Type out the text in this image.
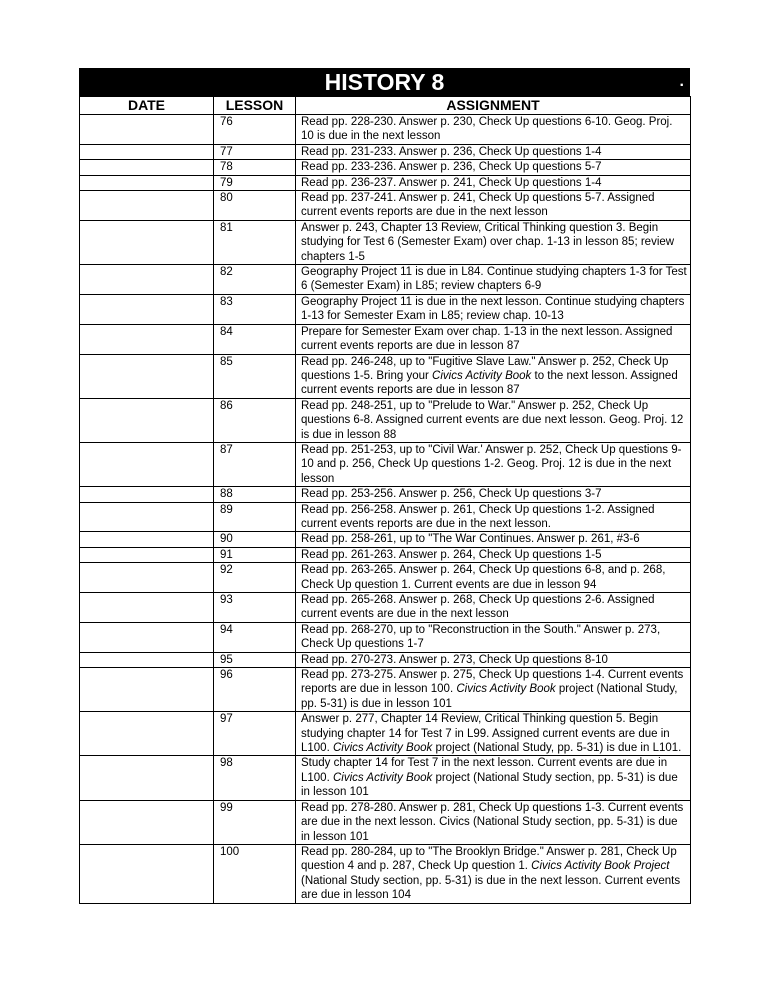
HISTORY 8	.
DATE	LESSON	ASSIGNMENT
	76	Read pp. 228-230. Answer p. 230, Check Up questions 6-10. Geog. Proj. 10 is due in the next lesson
	77	Read pp. 231-233. Answer p. 236, Check Up questions 1-4
	78	Read pp. 233-236. Answer p. 236, Check Up questions 5-7
	79	Read pp. 236-237. Answer p. 241, Check Up questions 1-4
	80	Read pp. 237-241. Answer p. 241, Check Up questions 5-7. Assigned current events reports are due in the next lesson
	81	Answer p. 243, Chapter 13 Review, Critical Thinking question 3. Begin studying for Test 6 (Semester Exam) over chap. 1-13 in lesson 85; review chapters 1-5
	82	Geography Project 11 is due in L84. Continue studying chapters 1-3 for Test 6 (Semester Exam) in L85; review chapters 6-9
	83	Geography Project 11 is due in the next lesson. Continue studying chapters 1-13 for Semester Exam in L85; review chap. 10-13
	84	Prepare for Semester Exam over chap. 1-13 in the next lesson. Assigned current events reports are due in lesson 87
	85	Read pp. 246-248, up to "Fugitive Slave Law." Answer p. 252, Check Up questions 1-5. Bring your Civics Activity Book to the next lesson. Assigned current events reports are due in lesson 87
	86	Read pp. 248-251, up to "Prelude to War." Answer p. 252, Check Up questions 6-8. Assigned current events are due next lesson. Geog. Proj. 12 is due in lesson 88
	87	Read pp. 251-253, up to "Civil War.' Answer p. 252, Check Up questions 9-10 and p. 256, Check Up questions 1-2. Geog. Proj. 12 is due in the next lesson
	88	Read pp. 253-256. Answer p. 256, Check Up questions 3-7
	89	Read pp. 256-258. Answer p. 261, Check Up questions 1-2. Assigned current events reports are due in the next lesson.
	90	Read pp. 258-261, up to "The War Continues. Answer p. 261, #3-6
	91	Read pp. 261-263. Answer p. 264, Check Up questions 1-5
	92	Read pp. 263-265. Answer p. 264, Check Up questions 6-8, and p. 268, Check Up question 1. Current events are due in lesson 94
	93	Read pp. 265-268. Answer p. 268, Check Up questions 2-6. Assigned current events are due in the next lesson
	94	Read pp. 268-270, up to "Reconstruction in the South." Answer p. 273, Check Up questions 1-7
	95	Read pp. 270-273. Answer p. 273, Check Up questions 8-10
	96	Read pp. 273-275. Answer p. 275, Check Up questions 1-4. Current events reports are due in lesson 100. Civics Activity Book project (National Study, pp. 5-31) is due in lesson 101
	97	Answer p. 277, Chapter 14 Review, Critical Thinking question 5. Begin studying chapter 14 for Test 7 in L99. Assigned current events are due in L100. Civics Activity Book project (National Study, pp. 5-31) is due in L101.
	98	Study chapter 14 for Test 7 in the next lesson. Current events are due in L100. Civics Activity Book project (National Study section, pp. 5-31) is due in lesson 101
	99	Read pp. 278-280. Answer p. 281, Check Up questions 1-3. Current events are due in the next lesson. Civics (National Study section, pp. 5-31) is due in lesson 101
	100	Read pp. 280-284, up to "The Brooklyn Bridge." Answer p. 281, Check Up question 4 and p. 287, Check Up question 1. Civics Activity Book Project (National Study section, pp. 5-31) is due in the next lesson. Current events are due in lesson 104
